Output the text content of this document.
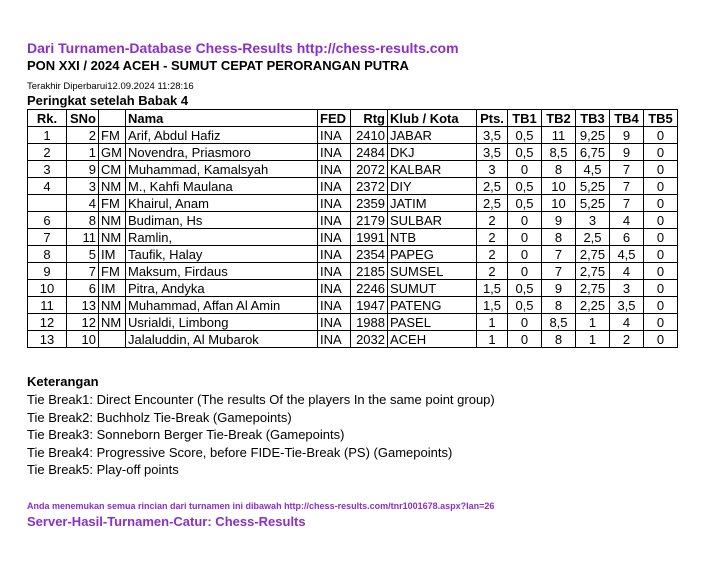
Dari Turnamen-Database Chess-Results http://chess-results.com
PON XXI / 2024 ACEH - SUMUT CEPAT PERORANGAN PUTRA
Terakhir Diperbarui12.09.2024 11:28:16
Peringkat setelah Babak 4
Rk.	SNo		Nama	FED	Rtg	Klub / Kota	Pts.	TB1	TB2	TB3	TB4	TB5
1	2	FM	Arif, Abdul Hafiz	INA	2410	JABAR	3,5	0,5	11	9,25	9	0
2	1	GM	Novendra, Priasmoro	INA	2484	DKJ	3,5	0,5	8,5	6,75	9	0
3	9	CM	Muhammad, Kamalsyah	INA	2072	KALBAR	3	0	8	4,5	7	0
4	3	NM	M., Kahfi Maulana	INA	2372	DIY	2,5	0,5	10	5,25	7	0
	4	FM	Khairul, Anam	INA	2359	JATIM	2,5	0,5	10	5,25	7	0
6	8	NM	Budiman, Hs	INA	2179	SULBAR	2	0	9	3	4	0
7	11	NM	Ramlin,	INA	1991	NTB	2	0	8	2,5	6	0
8	5	IM	Taufik, Halay	INA	2354	PAPEG	2	0	7	2,75	4,5	0
9	7	FM	Maksum, Firdaus	INA	2185	SUMSEL	2	0	7	2,75	4	0
10	6	IM	Pitra, Andyka	INA	2246	SUMUT	1,5	0,5	9	2,75	3	0
11	13	NM	Muhammad, Affan Al Amin	INA	1947	PATENG	1,5	0,5	8	2,25	3,5	0
12	12	NM	Usrialdi, Limbong	INA	1988	PASEL	1	0	8,5	1	4	0
13	10		Jalaluddin, Al Mubarok	INA	2032	ACEH	1	0	8	1	2	0
Keterangan
Tie Break1: Direct Encounter (The results Of the players In the same point group)
Tie Break2: Buchholz Tie-Break (Gamepoints)
Tie Break3: Sonneborn Berger Tie-Break (Gamepoints)
Tie Break4: Progressive Score, before FIDE-Tie-Break (PS) (Gamepoints)
Tie Break5: Play-off points
Anda menemukan semua rincian dari turnamen ini dibawah http://chess-results.com/tnr1001678.aspx?lan=26
Server-Hasil-Turnamen-Catur: Chess-Results
